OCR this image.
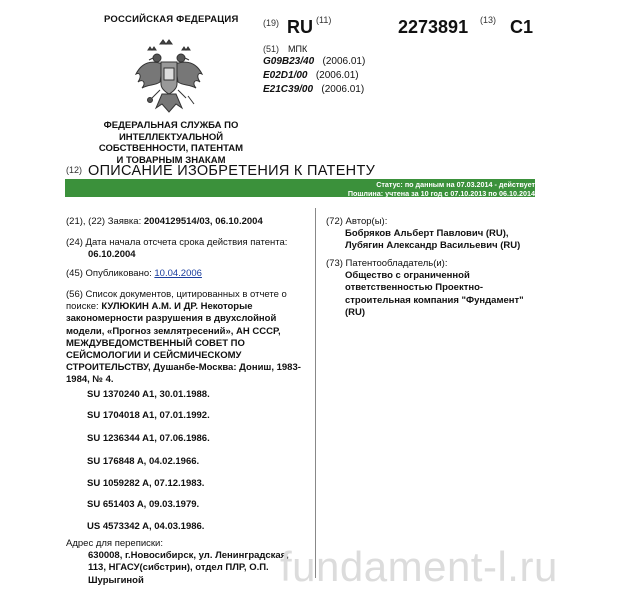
РОССИЙСКАЯ ФЕДЕРАЦИЯ
ФЕДЕРАЛЬНАЯ СЛУЖБА ПО ИНТЕЛЛЕКТУАЛЬНОЙ СОБСТВЕННОСТИ, ПАТЕНТАМ И ТОВАРНЫМ ЗНАКАМ
(19) RU (11)	2273891 (13) C1
(51) МПК
G09B23/40 (2006.01)
E02D1/00 (2006.01)
E21C39/00 (2006.01)
(12) ОПИСАНИЕ ИЗОБРЕТЕНИЯ К ПАТЕНТУ
Статус: по данным на 07.03.2014 - действует
Пошлина: учтена за 10 год с 07.10.2013 по 06.10.2014
(21), (22) Заявка: 2004129514/03, 06.10.2004
(24) Дата начала отсчета срока действия патента:
06.10.2004
(45) Опубликовано: 10.04.2006
(56) Список документов, цитированных в отчете о поиске: КУЛЮКИН А.М. И ДР. Некоторые закономерности разрушения в двухслойной модели, «Прогноз землятресений», АН СССР, МЕЖДУВЕДОМСТВЕННЫЙ СОВЕТ ПО СЕЙСМОЛОГИИ И СЕЙСМИЧЕСКОМУ СТРОИТЕЛЬСТВУ, Душанбе-Москва: Дониш, 1983-1984, № 4.
SU 1370240 A1, 30.01.1988.
SU 1704018 A1, 07.01.1992.
SU 1236344 A1, 07.06.1986.
SU 176848 A, 04.02.1966.
SU 1059282 A, 07.12.1983.
SU 651403 A, 09.03.1979.
US 4573342 A, 04.03.1986.
Адрес для переписки:
630008, г.Новосибирск, ул. Ленинградская, 113, НГАСУ(сибстрин), отдел ПЛР, О.П. Шурыгиной
(72) Автор(ы):
Бобряков Альберт Павлович (RU), Лубягин Александр Васильевич (RU)
(73) Патентообладатель(и):
Общество с ограниченной ответственностью Проектно-строительная компания "Фундамент" (RU)
fundament-l.ru
